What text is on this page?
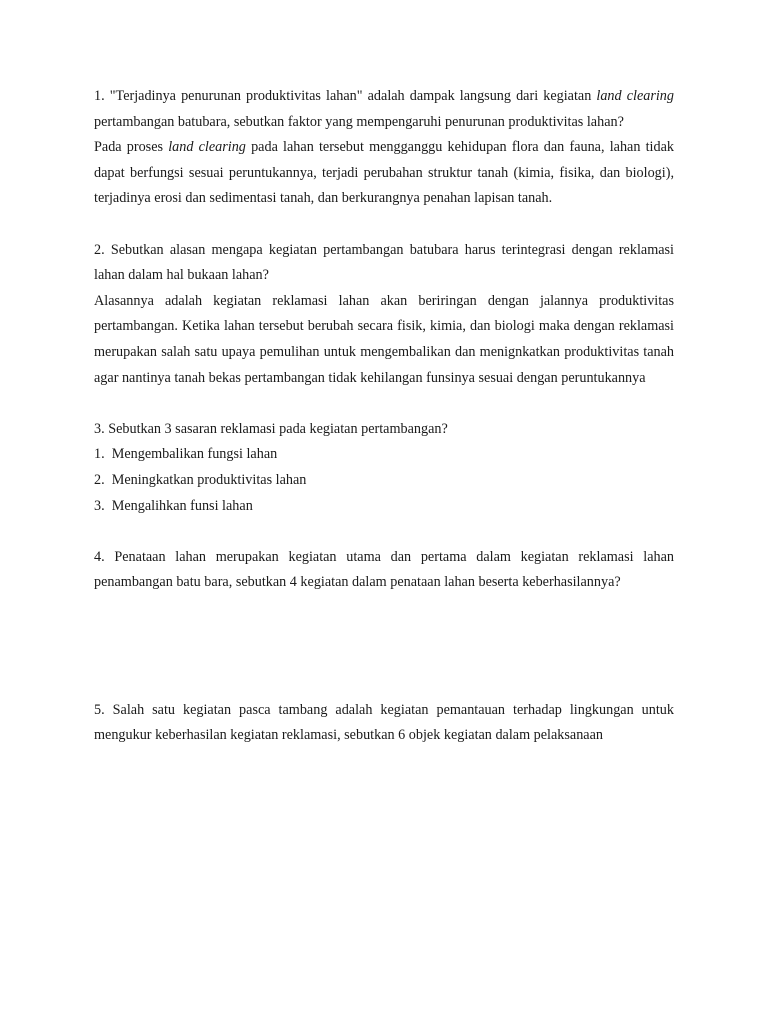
1. "Terjadinya penurunan produktivitas lahan" adalah dampak langsung dari kegiatan land clearing pertambangan batubara, sebutkan faktor yang mempengaruhi penurunan produktivitas lahan?

Pada proses land clearing pada lahan tersebut mengganggu kehidupan flora dan fauna, lahan tidak dapat berfungsi sesuai peruntukannya, terjadi perubahan struktur tanah (kimia, fisika, dan biologi), terjadinya erosi dan sedimentasi tanah, dan berkurangnya penahan lapisan tanah.

2. Sebutkan alasan mengapa kegiatan pertambangan batubara harus terintegrasi dengan reklamasi lahan dalam hal bukaan lahan?

Alasannya adalah kegiatan reklamasi lahan akan beriringan dengan jalannya produktivitas pertambangan. Ketika lahan tersebut berubah secara fisik, kimia, dan biologi maka dengan reklamasi merupakan salah satu upaya pemulihan untuk mengembalikan dan menignkatkan produktivitas tanah agar nantinya tanah bekas pertambangan tidak kehilangan funsinya sesuai dengan peruntukannya

3. Sebutkan 3 sasaran reklamasi pada kegiatan pertambangan?

1.  Mengembalikan fungsi lahan

2.  Meningkatkan produktivitas lahan

3.  Mengalihkan funsi lahan

4. Penataan lahan merupakan kegiatan utama dan pertama dalam kegiatan reklamasi lahan penambangan batu bara, sebutkan 4 kegiatan dalam penataan lahan beserta keberhasilannya?

5. Salah satu kegiatan pasca tambang adalah kegiatan pemantauan terhadap lingkungan untuk mengukur keberhasilan kegiatan reklamasi, sebutkan 6 objek kegiatan dalam pelaksanaan
